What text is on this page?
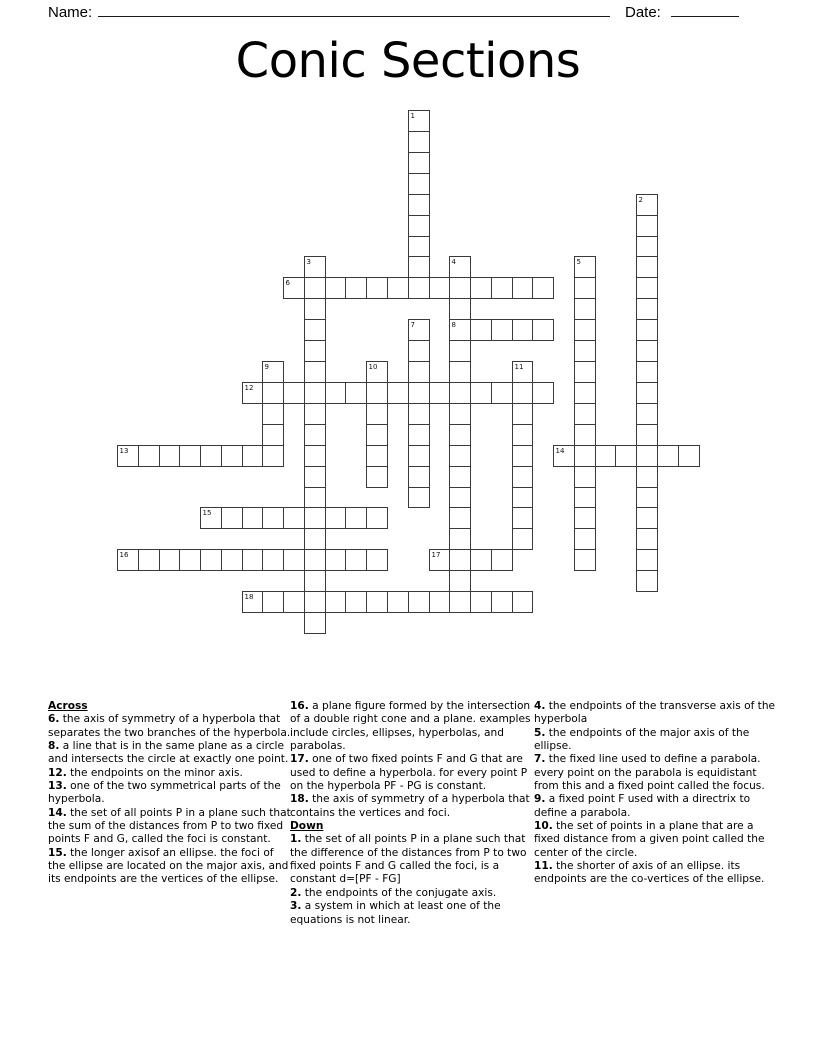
Name:	Date:
Conic Sections
1
2
3	4
8
5
6
7
9	10	11
12
13	14
15
16	17
18

Across

6. the axis of symmetry of a hyperbola that separates the two branches of the hyperbola.

8. a line that is in the same plane as a circle and intersects the circle at exactly one point.

12. the endpoints on the minor axis.

13. one of the two symmetrical parts of the hyperbola.

14. the set of all points P in a plane such that the sum of the distances from P to two fixed points F and G, called the foci is constant.

15. the longer axisof an ellipse. the foci of the ellipse are located on the major axis, and its endpoints are the vertices of the ellipse.

16. a plane figure formed by the intersection of a double right cone and a plane. examples include circles, ellipses, hyperbolas, and parabolas.

17. one of two fixed points F and G that are used to define a hyperbola. for every point P on the hyperbola PF - PG is constant.

18. the axis of symmetry of a hyperbola that contains the vertices and foci.

Down

1. the set of all points P in a plane such that the difference of the distances from P to two fixed points F and G called the foci, is a constant d=[PF - FG]

2. the endpoints of the conjugate axis.

3. a system in which at least one of the equations is not linear.

4. the endpoints of the transverse axis of the hyperbola

5. the endpoints of the major axis of the ellipse.

7. the fixed line used to define a parabola. every point on the parabola is equidistant from this and a fixed point called the focus.

9. a fixed point F used with a directrix to define a parabola.

10. the set of points in a plane that are a fixed distance from a given point called the center of the circle.

11. the shorter of axis of an ellipse. its endpoints are the co-vertices of the ellipse.
